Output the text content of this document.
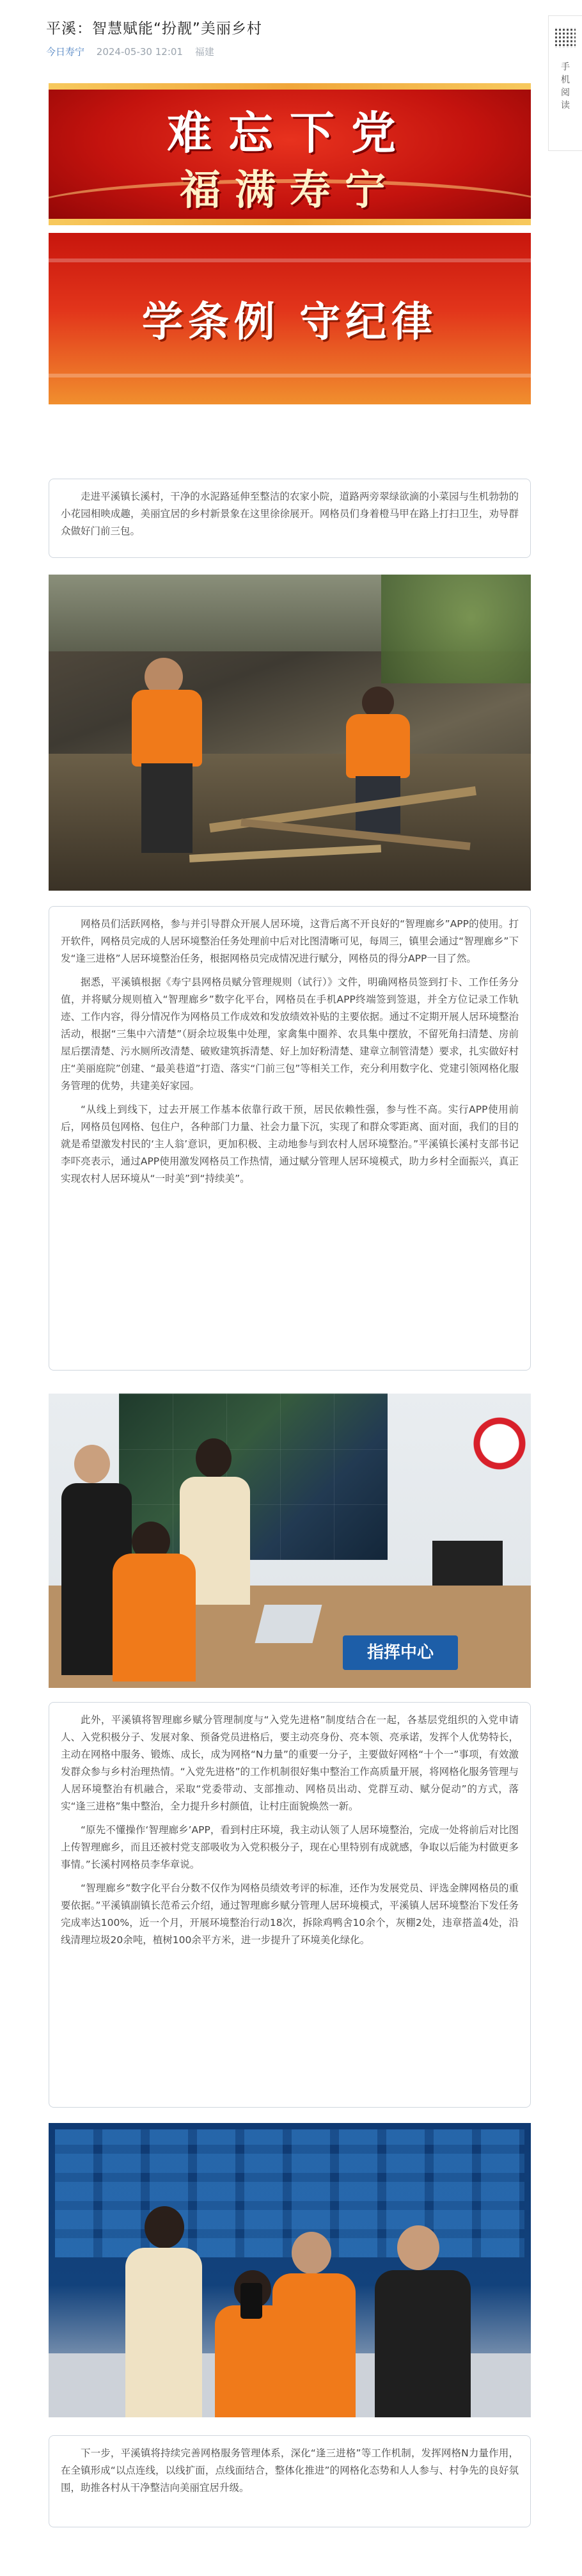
平溪：智慧赋能“扮靓”美丽乡村
今日寿宁 2024-05-30 12:01 福建
手机阅读
难忘下党
福满寿宁
学条例 守纪律

走进平溪镇长溪村，干净的水泥路延伸至整洁的农家小院，道路两旁翠绿欲滴的小菜园与生机勃勃的小花园相映成趣，美丽宜居的乡村新景象在这里徐徐展开。网格员们身着橙马甲在路上打扫卫生，劝导群众做好门前三包。

网格员们活跃网格，参与并引导群众开展人居环境，这背后离不开良好的“智理廊乡”APP的使用。打开软件，网格员完成的人居环境整治任务处理前中后对比图清晰可见，每周三，镇里会通过“智理廊乡”下发“逢三进格”人居环境整治任务，根据网格员完成情况进行赋分，网格员的得分APP一目了然。

据悉，平溪镇根据《寿宁县网格员赋分管理规则（试行）》文件，明确网格员签到打卡、工作任务分值，并将赋分规则植入“智理廊乡”数字化平台，网格员在手机APP终端签到签退，并全方位记录工作轨迹、工作内容，得分情况作为网格员工作成效和发放绩效补贴的主要依据。通过不定期开展人居环境整治活动，根据“三集中六清楚”（厨余垃圾集中处理，家禽集中圈养、农具集中摆放，不留死角扫清楚、房前屋后摆清楚、污水厕所改清楚、破败建筑拆清楚、好上加好粉清楚、建章立制管清楚）要求，扎实做好村庄“美丽庭院”创建、“最美巷道”打造、落实“门前三包”等相关工作，充分利用数字化、党建引领网格化服务管理的优势，共建美好家园。

“从线上到线下，过去开展工作基本依靠行政干预，居民依赖性强，参与性不高。实行APP使用前后，网格员包网格、包住户，各种部门力量、社会力量下沉，实现了和群众零距离、面对面，我们的目的就是希望激发村民的‘主人翁’意识，更加积极、主动地参与到农村人居环境整治。”平溪镇长溪村支部书记李吓亮表示，通过APP使用激发网格员工作热情，通过赋分管理人居环境模式，助力乡村全面振兴，真正实现农村人居环境从“一时美”到“持续美”。

指挥中心

此外，平溪镇将智理廊乡赋分管理制度与“入党先进格”制度结合在一起，各基层党组织的入党申请人、入党积极分子、发展对象、预备党员进格后，要主动亮身份、亮本领、亮承诺，发挥个人优势特长，主动在网格中服务、锻炼、成长，成为网格“N力量”的重要一分子，主要做好网格“十个一”事项，有效激发群众参与乡村治理热情。“入党先进格”的工作机制很好集中整治工作高质量开展，将网格化服务管理与人居环境整治有机融合，采取“党委带动、支部推动、网格员出动、党群互动、赋分促动”的方式，落实“逢三进格”集中整治，全力提升乡村颜值，让村庄面貌焕然一新。

“原先不懂操作‘智理廊乡’APP，看到村庄环境，我主动认领了人居环境整治，完成一处将前后对比图上传智理廊乡，而且还被村党支部吸收为入党积极分子，现在心里特别有成就感，争取以后能为村做更多事情。”长溪村网格员李华章说。

“智理廊乡”数字化平台分数不仅作为网格员绩效考评的标准，还作为发展党员、评选金牌网格员的重要依据。”平溪镇副镇长范希云介绍，通过智理廊乡赋分管理人居环境模式，平溪镇人居环境整治下发任务完成率达100%，近一个月，开展环境整治行动18次，拆除鸡鸭舍10余个，灰棚2处，违章搭盖4处，沿线清理垃圾20余吨，植树100余平方米，进一步提升了环境美化绿化。

下一步，平溪镇将持续完善网格服务管理体系，深化“逢三进格”等工作机制，发挥网格N力量作用，在全镇形成“以点连线，以线扩面，点线面结合，整体化推进”的网格化态势和人人参与、村争先的良好氛围，助推各村从干净整洁向美丽宜居升级。
